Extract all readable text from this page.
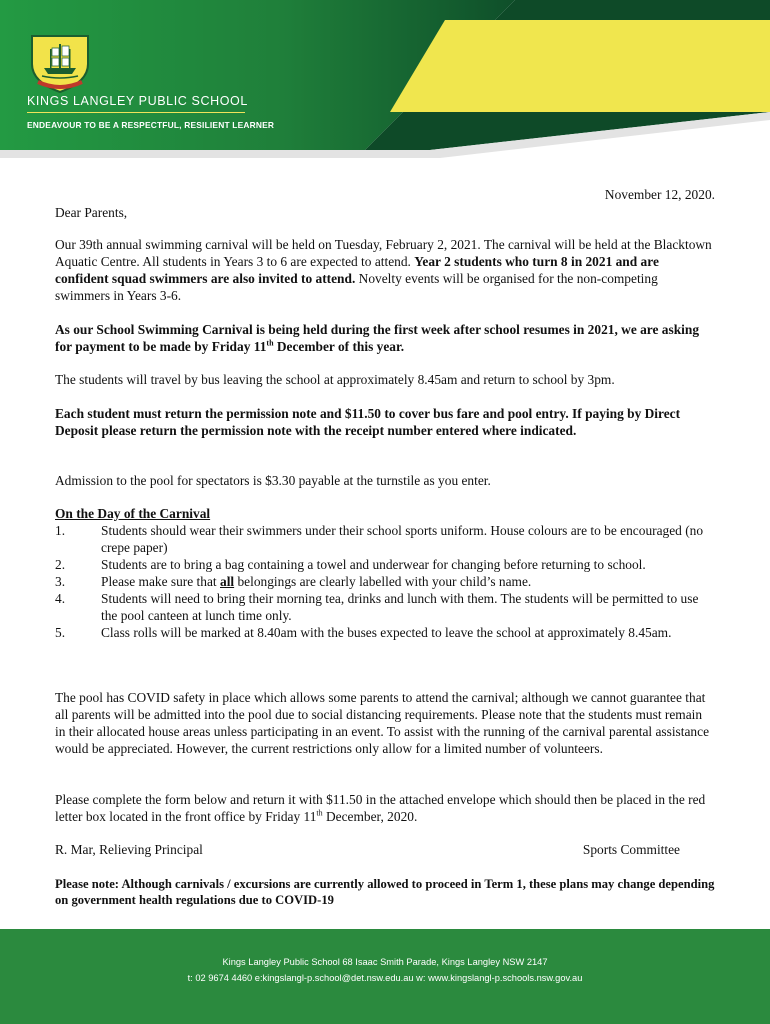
KINGS LANGLEY PUBLIC SCHOOL
ENDEAVOUR TO BE A RESPECTFUL, RESILIENT LEARNER
November 12, 2020.
Dear Parents,

Our 39th annual swimming carnival will be held on Tuesday, February 2, 2021. The carnival will be held at the Blacktown Aquatic Centre. All students in Years 3 to 6 are expected to attend. Year 2 students who turn 8 in 2021 and are confident squad swimmers are also invited to attend. Novelty events will be organised for the non-competing swimmers in Years 3-6.

As our School Swimming Carnival is being held during the first week after school resumes in 2021, we are asking for payment to be made by Friday 11th December of this year.

The students will travel by bus leaving the school at approximately 8.45am and return to school by 3pm.
Each student must return the permission note and $11.50 to cover bus fare and pool entry. If paying by Direct Deposit please return the permission note with the receipt number entered where indicated.
Admission to the pool for spectators is $3.30 payable at the turnstile as you enter.

On the Day of the Carnival

1.	Students should wear their swimmers under their school sports uniform. House colours are to be encouraged (no crepe paper)
2.	Students are to bring a bag containing a towel and underwear for changing before returning to school.
3.	Please make sure that all belongings are clearly labelled with your child’s name.
4.	Students will need to bring their morning tea, drinks and lunch with them. The students will be permitted to use the pool canteen at lunch time only.
5.	Class rolls will be marked at 8.40am with the buses expected to leave the school at approximately 8.45am.
The pool has COVID safety in place which allows some parents to attend the carnival; although we cannot guarantee that all parents will be admitted into the pool due to social distancing requirements. Please note that the students must remain in their allocated house areas unless participating in an event. To assist with the running of the carnival parental assistance would be appreciated. However, the current restrictions only allow for a limited number of volunteers.

Please complete the form below and return it with $11.50 in the attached envelope which should then be placed in the red letter box located in the front office by Friday 11th December, 2020.

R. Mar, Relieving Principal	Sports Committee
Please note: Although carnivals / excursions are currently allowed to proceed in Term 1, these plans may change depending on government health regulations due to COVID-19
Kings Langley Public School 68 Isaac Smith Parade, Kings Langley NSW 2147
t: 02 9674 4460 e:kingslangl-p.school@det.nsw.edu.au w: www.kingslangl-p.schools.nsw.gov.au
